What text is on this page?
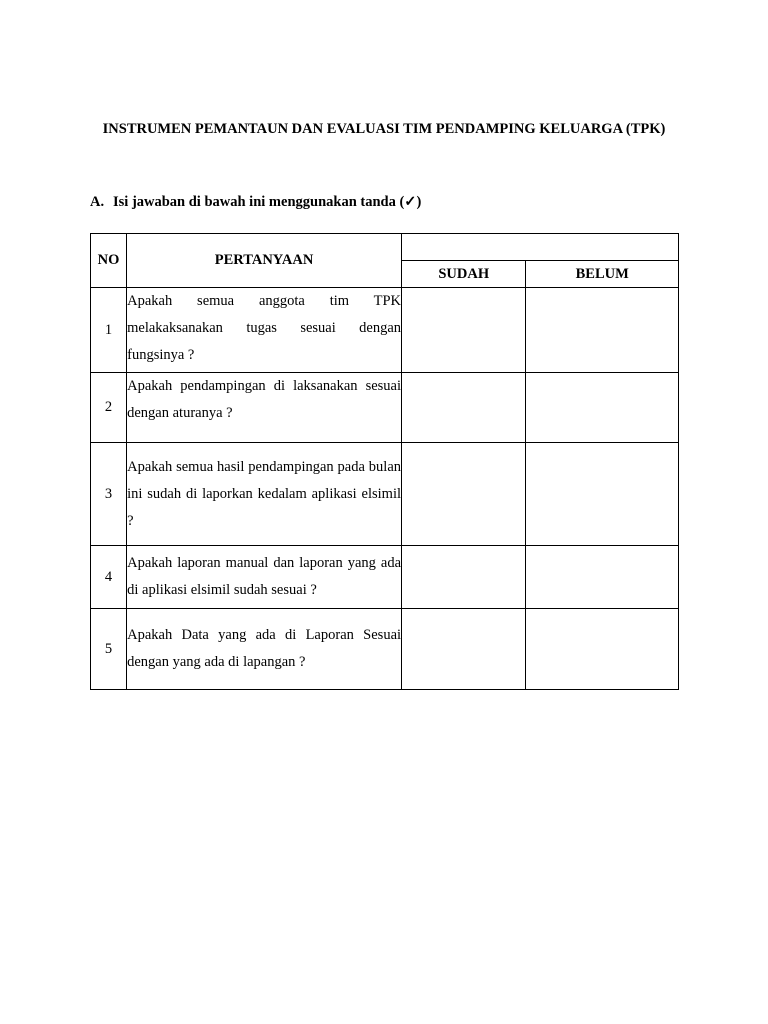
INSTRUMEN PEMANTAUN DAN EVALUASI TIM PENDAMPING KELUARGA (TPK)
A. Isi jawaban di bawah ini menggunakan tanda (✓)
NO	PERTANYAAN		
		SUDAH	BELUM
1	Apakah semua anggota tim TPK melakaksanakan tugas sesuai dengan fungsinya ?		
2	Apakah pendampingan di laksanakan sesuai dengan aturanya ?		
3	Apakah semua hasil pendampingan pada bulan ini sudah di laporkan kedalam aplikasi elsimil ?		
4	Apakah laporan manual dan laporan yang ada di aplikasi elsimil sudah sesuai ?		
5	Apakah Data yang ada di Laporan Sesuai dengan yang ada di lapangan ?		
